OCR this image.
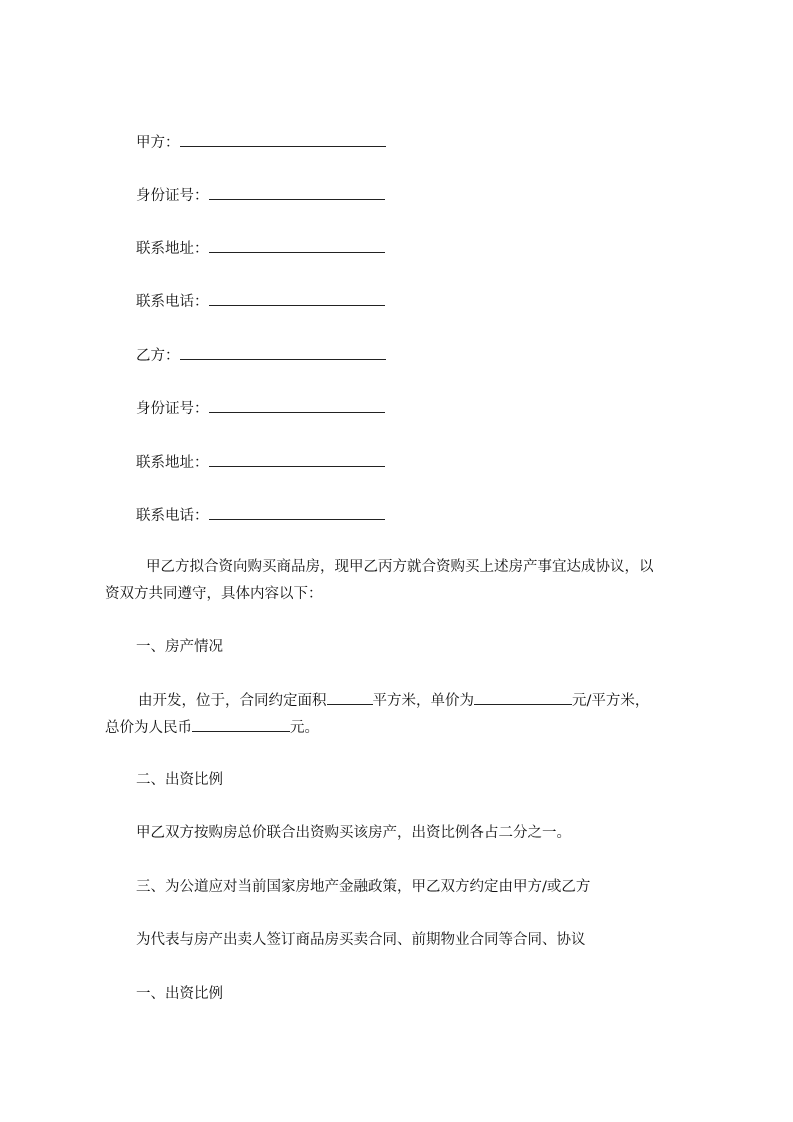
甲方：
身份证号：
联系地址：
联系电话：
乙方：
身份证号：
联系地址：
联系电话：
甲乙方拟合资向购买商品房，现甲乙丙方就合资购买上述房产事宜达成协议，以
资双方共同遵守，具体内容以下：
一、房产情况
由开发，位于，合同约定面积	平方米，单价为	元/平方米，
总价为人民币	元。
二、出资比例
甲乙双方按购房总价联合出资购买该房产，出资比例各占二分之一。
三、为公道应对当前国家房地产金融政策，甲乙双方约定由甲方/或乙方
为代表与房产出卖人签订商品房买卖合同、前期物业合同等合同、协议
一、出资比例
